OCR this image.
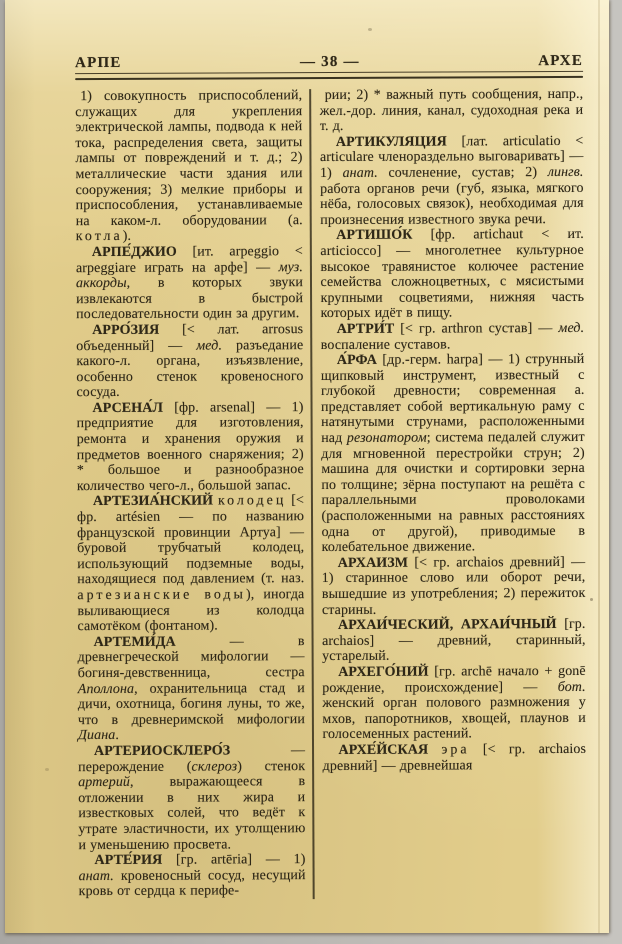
АРПЕ	— 38 —	АРХЕ

1) совокупность приспособлений, служащих для укрепления электрической лампы, подвода к ней тока, распределения света, защиты лампы от повреждений и т. д.; 2) металлические части здания или сооружения; 3) мелкие приборы и приспособления, устанавливаемые на каком-л. оборудовании (а. котла).

АРПЕ́ДЖИО [ит. arpeggio < arpeggiare играть на арфе] — муз. аккорды, в которых звуки извлекаются в быстрой последовательности один за другим.

АРРО́ЗИЯ [< лат. arrosus объеденный] — мед. разъедание какого-л. органа, изъязвление, особенно стенок кровеносного сосуда.

АРСЕНА́Л [фр. arsenal] — 1) предприятие для изготовления, ремонта и хранения оружия и предметов военного снаряжения; 2) * большое и разнообразное количество чего-л., большой запас.

АРТЕЗИА́НСКИЙ колодец [< фр. artésien — по названию французской провинции Артуа] — буровой трубчатый колодец, использующий подземные воды, находящиеся под давлением (т. наз. артезианские воды), иногда выливающиеся из колодца самотёком (фонтаном).

АРТЕМИ́ДА — в древнегреческой мифологии — богиня-девственница, сестра Аполлона, охранительница стад и дичи, охотница, богиня луны, то же, что в древнеримской мифологии Диана.

АРТЕРИОСКЛЕРО́З — перерождение (склероз) стенок артерий, выражающееся в отложении в них жира и известковых солей, что ведёт к утрате эластичности, их утолщению и уменьшению просвета.

АРТЕ́РИЯ [гр. artēria] — 1) анат. кровеносный сосуд, несущий кровь от сердца к перифе-

рии; 2) * важный путь сообщения, напр., жел.-дор. линия, канал, судоходная река и т. д.

АРТИКУЛЯЦИЯ [лат. articulatio < articulare членораздельно выговаривать] — 1) анат. сочленение, сустав; 2) лингв. работа органов речи (губ, языка, мягкого нёба, голосовых связок), необходимая для произнесения известного звука речи.

АРТИШО́К [фр. artichaut < ит. articiocco] — многолетнее культурное высокое травянистое колючее растение семейства сложноцветных, с мясистыми крупными соцветиями, нижняя часть которых идёт в пищу.

АРТРИ́Т [< гр. arthron сустав] — мед. воспаление суставов.

А́РФА [др.-герм. harpa] — 1) струнный щипковый инструмент, известный с глубокой древности; современная а. представляет собой вертикальную раму с натянутыми струнами, расположенными над резонатором; система педалей служит для мгновенной перестройки струн; 2) машина для очистки и сортировки зерна по толщине; зёрна поступают на решёта с параллельными проволоками (расположенными на равных расстояниях одна от другой), приводимые в колебательное движение.

АРХАИЗМ [< гр. archaios древний] — 1) старинное слово или оборот речи, вышедшие из употребления; 2) пережиток старины.

АРХАИ́ЧЕСКИЙ, АРХАИ́ЧНЫЙ [гр. archaios] — древний, старинный, устарелый.

АРХЕГО́НИЙ [гр. archē начало + gonē рождение, происхождение] — бот. женский орган полового размножения у мхов, папоротников, хвощей, плаунов и голосеменных растений.

АРХЕ́ЙСКАЯ эра [< гр. archaios древний] — древнейшая
